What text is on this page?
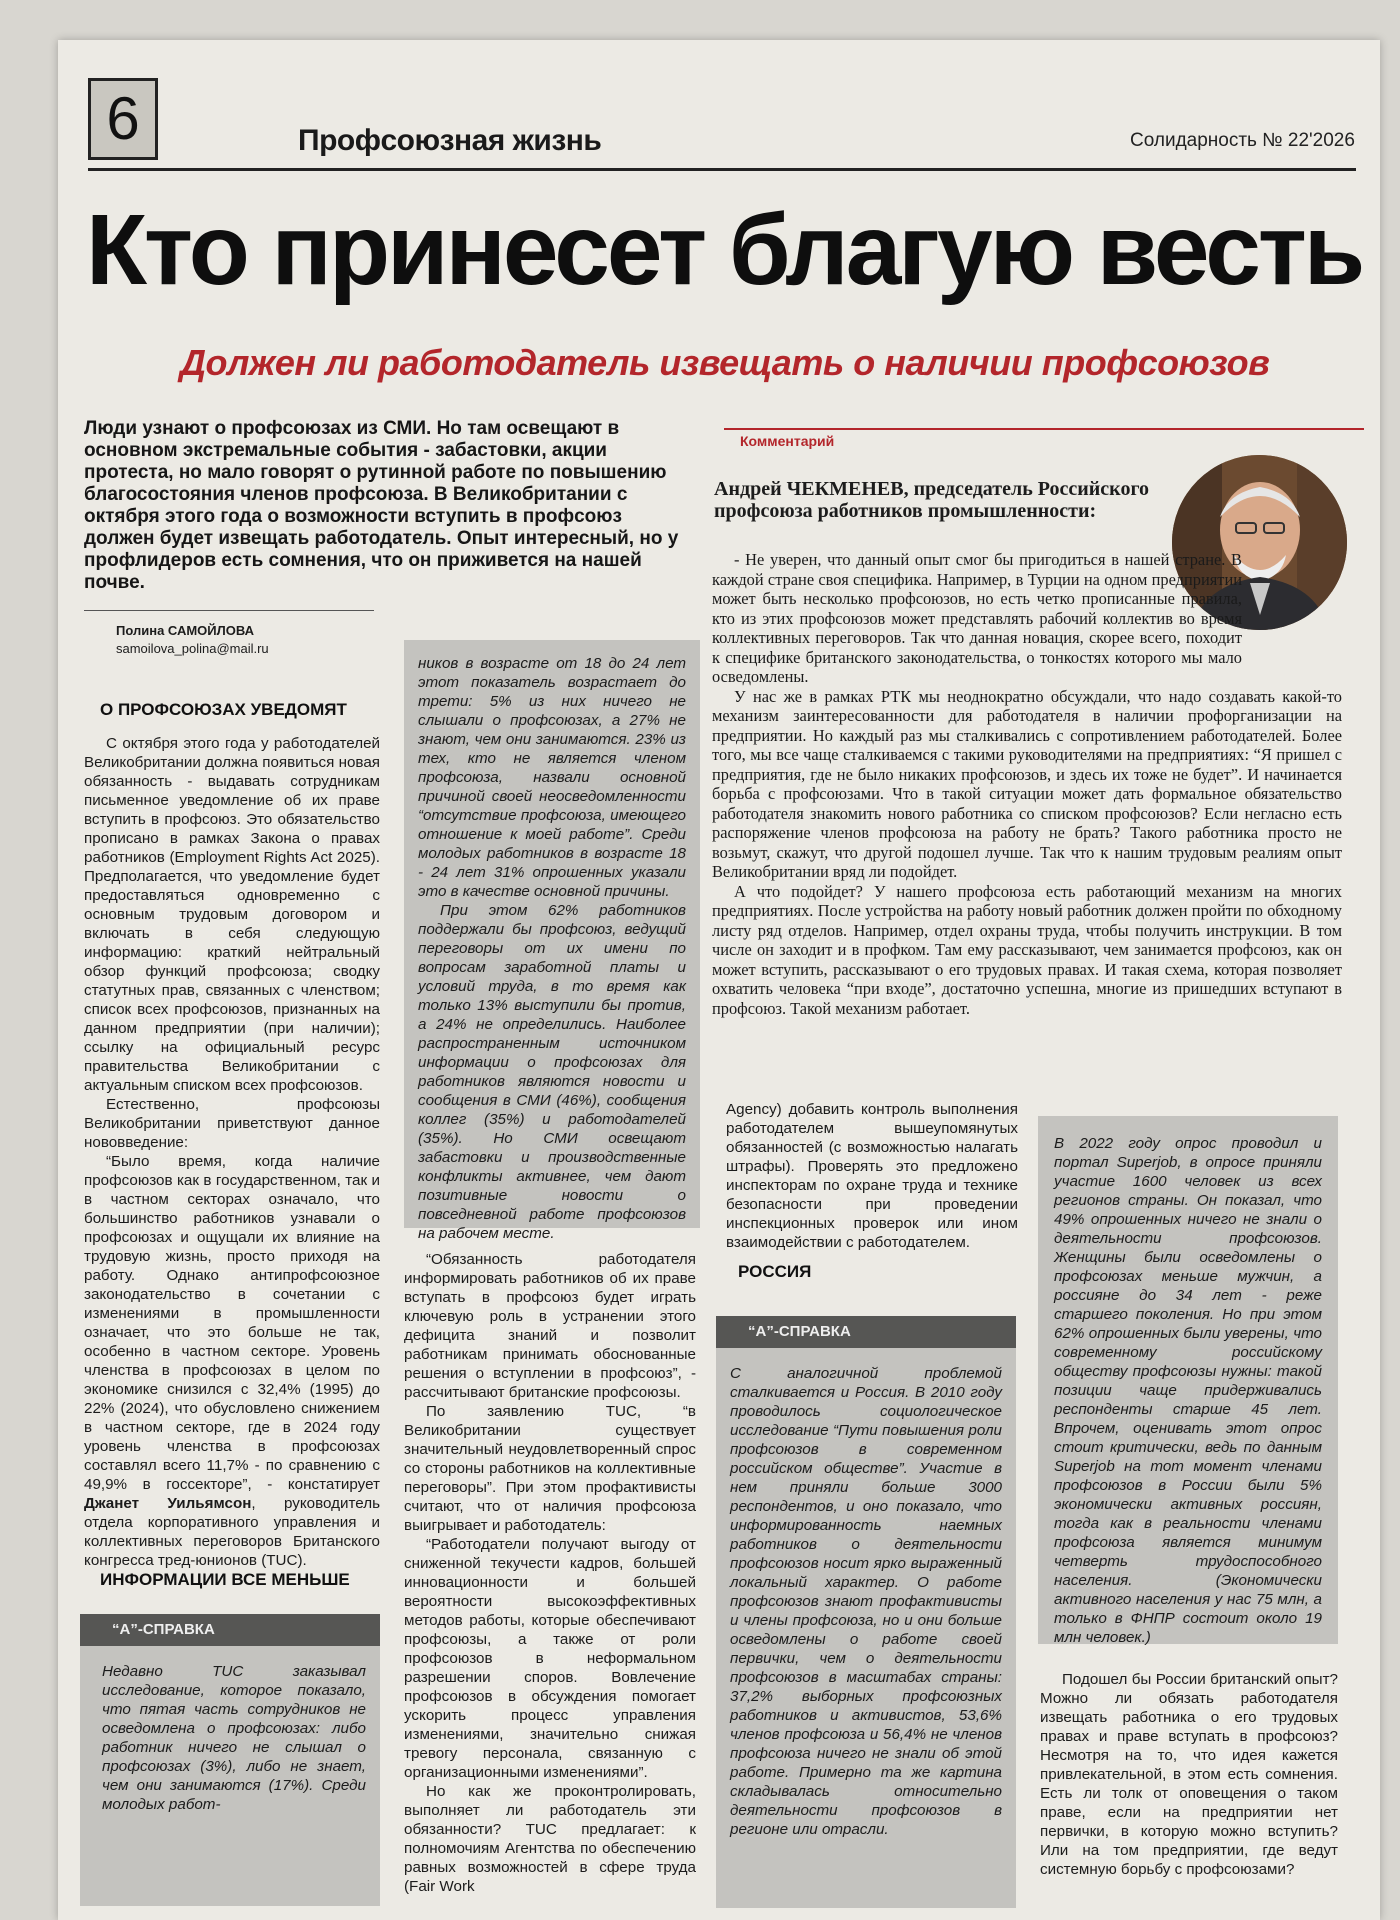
6	Профсоюзная жизнь	Солидарность № 22'2026
Кто принесет благую весть
Должен ли работодатель извещать о наличии профсоюзов
Люди узнают о профсоюзах из СМИ. Но там освещают в основном экстремальные события - забастовки, акции протеста, но мало говорят о рутинной работе по повышению благосостояния членов профсоюза. В Великобритании с октября этого года о возможности вступить в профсоюз должен будет извещать работодатель. Опыт интересный, но у профлидеров есть сомнения, что он приживется на нашей почве.
Полина САМОЙЛОВА
samoilova_polina@mail.ru
О ПРОФСОЮЗАХ УВЕДОМЯТ

С октября этого года у работодателей Великобритании должна появиться новая обязанность - выдавать сотрудникам письменное уведомление об их праве вступить в профсоюз. Это обязательство прописано в рамках Закона о правах работников (Employment Rights Act 2025). Предполагается, что уведомление будет предоставляться одновременно с основным трудовым договором и включать в себя следующую информацию: краткий нейтральный обзор функций профсоюза; сводку статутных прав, связанных с членством; список всех профсоюзов, признанных на данном предприятии (при наличии); ссылку на официальный ресурс правительства Великобритании с актуальным списком всех профсоюзов.

Естественно, профсоюзы Великобритании приветствуют данное нововведение:

“Было время, когда наличие профсоюзов как в государственном, так и в частном секторах означало, что большинство работников узнавали о профсоюзах и ощущали их влияние на трудовую жизнь, просто приходя на работу. Однако антипрофсоюзное законодательство в сочетании с изменениями в промышленности означает, что это больше не так, особенно в частном секторе. Уровень членства в профсоюзах в целом по экономике снизился с 32,4% (1995) до 22% (2024), что обусловлено снижением в частном секторе, где в 2024 году уровень членства в профсоюзах составлял всего 11,7% - по сравнению с 49,9% в госсекторе”, - констатирует Джанет Уильямсон, руководитель отдела корпоративного управления и коллективных переговоров Британского конгресса тред-юнионов (TUC).

ИНФОРМАЦИИ ВСЕ МЕНЬШЕ
“А”-СПРАВКА
Недавно TUC заказывал исследование, которое показало, что пятая часть сотрудников не осведомлена о профсоюзах: либо работник ничего не слышал о профсоюзах (3%), либо не знает, чем они занимаются (17%). Среди молодых работ-

ников в возрасте от 18 до 24 лет этот показатель возрастает до трети: 5% из них ничего не слышали о профсоюзах, а 27% не знают, чем они занимаются. 23% из тех, кто не является членом профсоюза, назвали основной причиной своей неосведомленности “отсутствие профсоюза, имеющего отношение к моей работе”. Среди молодых работников в возрасте 18 - 24 лет 31% опрошенных указали это в качестве основной причины.

При этом 62% работников поддержали бы профсоюз, ведущий переговоры от их имени по вопросам заработной платы и условий труда, в то время как только 13% выступили бы против, а 24% не определились. Наиболее распространенным источником информации о профсоюзах для работников являются новости и сообщения в СМИ (46%), сообщения коллег (35%) и работодателей (35%). Но СМИ освещают забастовки и производственные конфликты активнее, чем дают позитивные новости о повседневной работе профсоюзов на рабочем месте.

“Обязанность работодателя информировать работников об их праве вступать в профсоюз будет играть ключевую роль в устранении этого дефицита знаний и позволит работникам принимать обоснованные решения о вступлении в профсоюз”, - рассчитывают британские профсоюзы.

По заявлению TUC, “в Великобритании существует значительный неудовлетворенный спрос со стороны работников на коллективные переговоры”. При этом профактивисты считают, что от наличия профсоюза выигрывает и работодатель:

“Работодатели получают выгоду от сниженной текучести кадров, большей инновационности и большей вероятности высокоэффективных методов работы, которые обеспечивают профсоюзы, а также от роли профсоюзов в неформальном разрешении споров. Вовлечение профсоюзов в обсуждения помогает ускорить процесс управления изменениями, значительно снижая тревогу персонала, связанную с организационными изменениями”.

Но как же проконтролировать, выполняет ли работодатель эти обязанности? TUC предлагает: к полномочиям Агентства по обеспечению равных возможностей в сфере труда (Fair Work

Комментарий
Андрей ЧЕКМЕНЕВ, председатель Российского профсоюза работников промышленности:

- Не уверен, что данный опыт смог бы пригодиться в нашей стране. В каждой стране своя специфика. Например, в Турции на одном предприятии может быть несколько профсоюзов, но есть четко прописанные правила, кто из этих профсоюзов может представлять рабочий коллектив во время коллективных переговоров. Так что данная новация, скорее всего, походит к специфике британского законодательства, о тонкостях которого мы мало осведомлены.

У нас же в рамках РТК мы неоднократно обсуждали, что надо создавать какой-то механизм заинтересованности для работодателя в наличии профорганизации на предприятии. Но каждый раз мы сталкивались с сопротивлением работодателей. Более того, мы все чаще сталкиваемся с такими руководителями на предприятиях: “Я пришел с предприятия, где не было никаких профсоюзов, и здесь их тоже не будет”. И начинается борьба с профсоюзами. Что в такой ситуации может дать формальное обязательство работодателя знакомить нового работника со списком профсоюзов? Если негласно есть распоряжение членов профсоюза на работу не брать? Такого работника просто не возьмут, скажут, что другой подошел лучше. Так что к нашим трудовым реалиям опыт Великобритании вряд ли подойдет.

А что подойдет? У нашего профсоюза есть работающий механизм на многих предприятиях. После устройства на работу новый работник должен пройти по обходному листу ряд отделов. Например, отдел охраны труда, чтобы получить инструкции. В том числе он заходит и в профком. Там ему рассказывают, чем занимается профсоюз, как он может вступить, рассказывают о его трудовых правах. И такая схема, которая позволяет охватить человека “при входе”, достаточно успешна, многие из пришедших вступают в профсоюз. Такой механизм работает.

Agency) добавить контроль выполнения работодателем вышеупомянутых обязанностей (с возможностью налагать штрафы). Проверять это предложено инспекторам по охране труда и технике безопасности при проведении инспекционных проверок или ином взаимодействии с работодателем.

РОССИЯ
“А”-СПРАВКА
С аналогичной проблемой сталкивается и Россия. В 2010 году проводилось социологическое исследование “Пути повышения роли профсоюзов в современном российском обществе”. Участие в нем приняли больше 3000 респондентов, и оно показало, что информированность наемных работников о деятельности профсоюзов носит ярко выраженный локальный характер. О работе профсоюзов знают профактивисты и члены профсоюза, но и они больше осведомлены о работе своей первички, чем о деятельности профсоюзов в масштабах страны: 37,2% выборных профсоюзных работников и активистов, 53,6% членов профсоюза и 56,4% не членов профсоюза ничего не знали об этой работе. Примерно та же картина складывалась относительно деятельности профсоюзов в регионе или отрасли.
В 2022 году опрос проводил и портал Superjob, в опросе приняли участие 1600 человек из всех регионов страны. Он показал, что 49% опрошенных ничего не знали о деятельности профсоюзов. Женщины были осведомлены о профсоюзах меньше мужчин, а россияне до 34 лет - реже старшего поколения. Но при этом 62% опрошенных были уверены, что современному российскому обществу профсоюзы нужны: такой позиции чаще придерживались респонденты старше 45 лет. Впрочем, оценивать этот опрос стоит критически, ведь по данным Superjob на тот момент членами профсоюзов в России были 5% экономически активных россиян, тогда как в реальности членами профсоюза является минимум четверть трудоспособного населения. (Экономически активного населения у нас 75 млн, а только в ФНПР состоит около 19 млн человек.)

Подошел бы России британский опыт? Можно ли обязать работодателя извещать работника о его трудовых правах и праве вступать в профсоюз? Несмотря на то, что идея кажется привлекательной, в этом есть сомнения. Есть ли толк от оповещения о таком праве, если на предприятии нет первички, в которую можно вступить? Или на том предприятии, где ведут системную борьбу с профсоюзами?
